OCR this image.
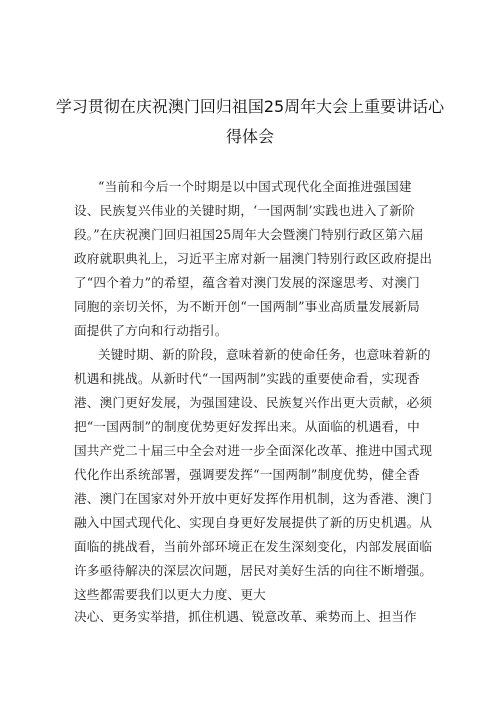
学习贯彻在庆祝澳门回归祖国25周年大会上重要讲话心
得体会
“当前和今后一个时期是以中国式现代化全面推进强国建
设、民族复兴伟业的关键时期，‘一国两制’实践也进入了新阶
段。”在庆祝澳门回归祖国25周年大会暨澳门特别行政区第六届
政府就职典礼上，习近平主席对新一届澳门特别行政区政府提出
了“四个着力”的希望，蕴含着对澳门发展的深邃思考、对澳门
同胞的亲切关怀，为不断开创“一国两制”事业高质量发展新局
面提供了方向和行动指引。
关键时期、新的阶段，意味着新的使命任务，也意味着新的
机遇和挑战。从新时代“一国两制”实践的重要使命看，实现香
港、澳门更好发展，为强国建设、民族复兴作出更大贡献，必须
把“一国两制”的制度优势更好发挥出来。从面临的机遇看，中
国共产党二十届三中全会对进一步全面深化改革、推进中国式现
代化作出系统部署，强调要发挥“一国两制”制度优势，健全香
港、澳门在国家对外开放中更好发挥作用机制，这为香港、澳门
融入中国式现代化、实现自身更好发展提供了新的历史机遇。从
面临的挑战看，当前外部环境正在发生深刻变化，内部发展面临
许多亟待解决的深层次问题，居民对美好生活的向往不断增强。
这些都需要我们以更大力度、更大
决心、更务实举措，抓住机遇、锐意改革、乘势而上、担当作
